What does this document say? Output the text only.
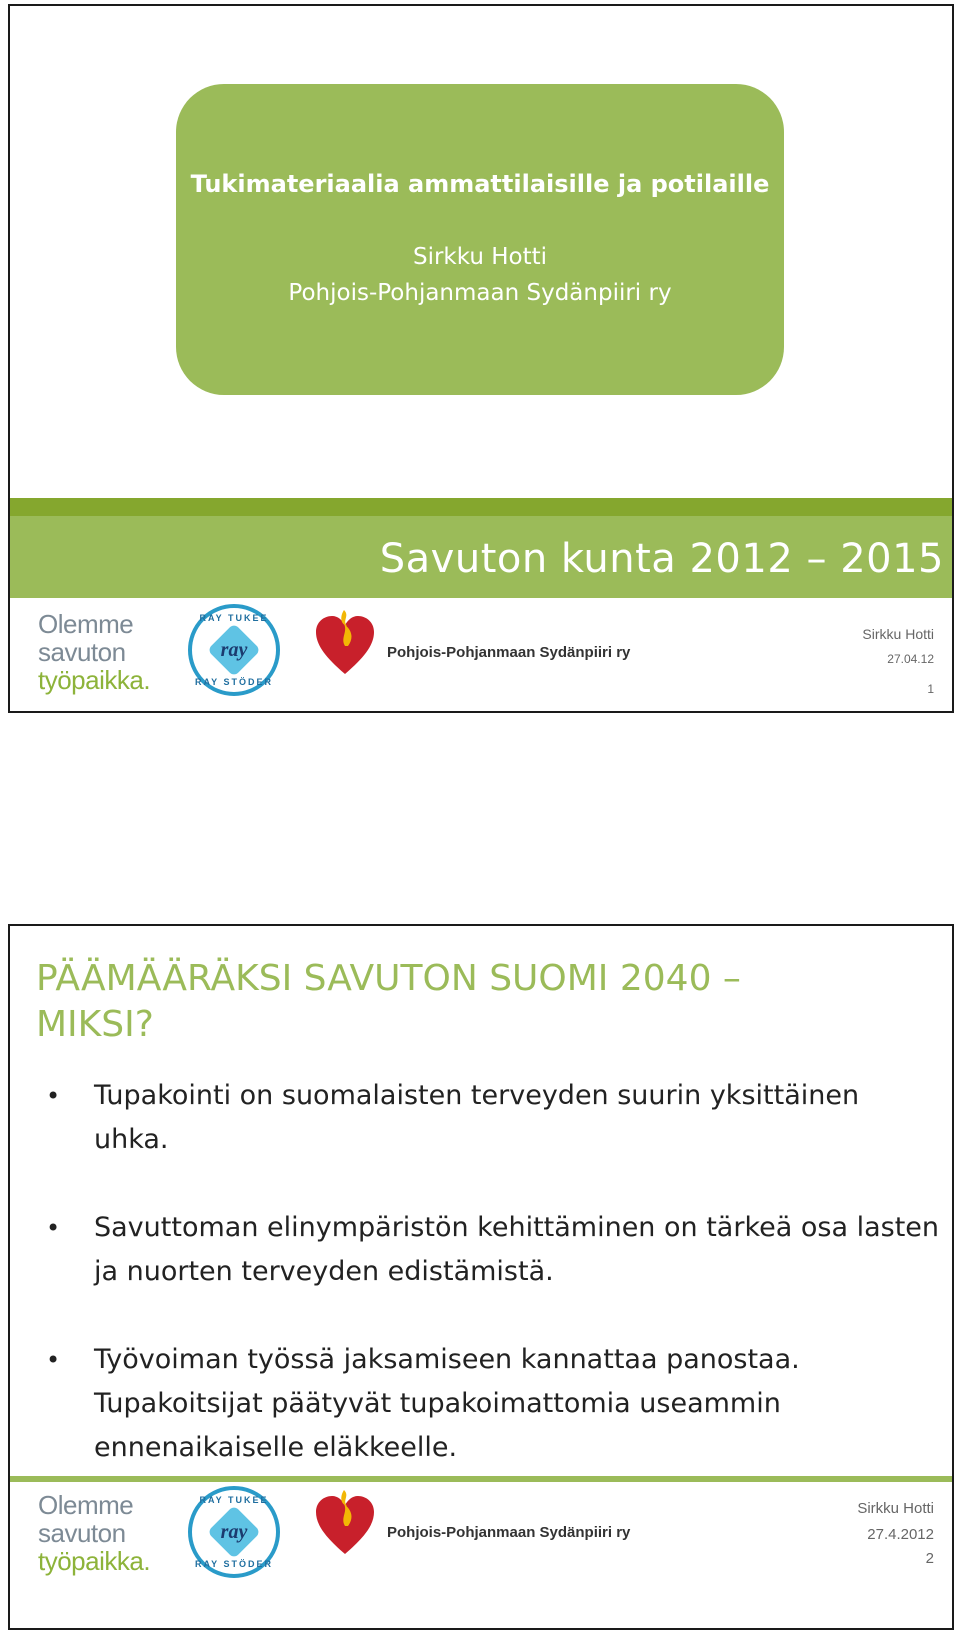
Tukimateriaalia ammattilaisille ja potilaille
Sirkku Hotti
Pohjois-Pohjanmaan Sydänpiiri ry
Savuton kunta 2012 – 2015
Olemme
savuton
työpaikka.
RAY TUKEE
ray
RAY STÖDER
Pohjois-Pohjanmaan Sydänpiiri ry
Sirkku Hotti
27.04.12
1
PÄÄMÄÄRÄKSI SAVUTON SUOMI 2040 –
MIKSI?
• Tupakointi on suomalaisten terveyden suurin yksittäinen uhka.
• Savuttoman elinympäristön kehittäminen on tärkeä osa lasten ja nuorten terveyden edistämistä.
• Työvoiman työssä jaksamiseen kannattaa panostaa. Tupakoitsijat päätyvät tupakoimattomia useammin ennenaikaiselle eläkkeelle.
Olemme
savuton
työpaikka.
RAY TUKEE
ray
RAY STÖDER
Pohjois-Pohjanmaan Sydänpiiri ry
Sirkku Hotti
27.4.2012
2
